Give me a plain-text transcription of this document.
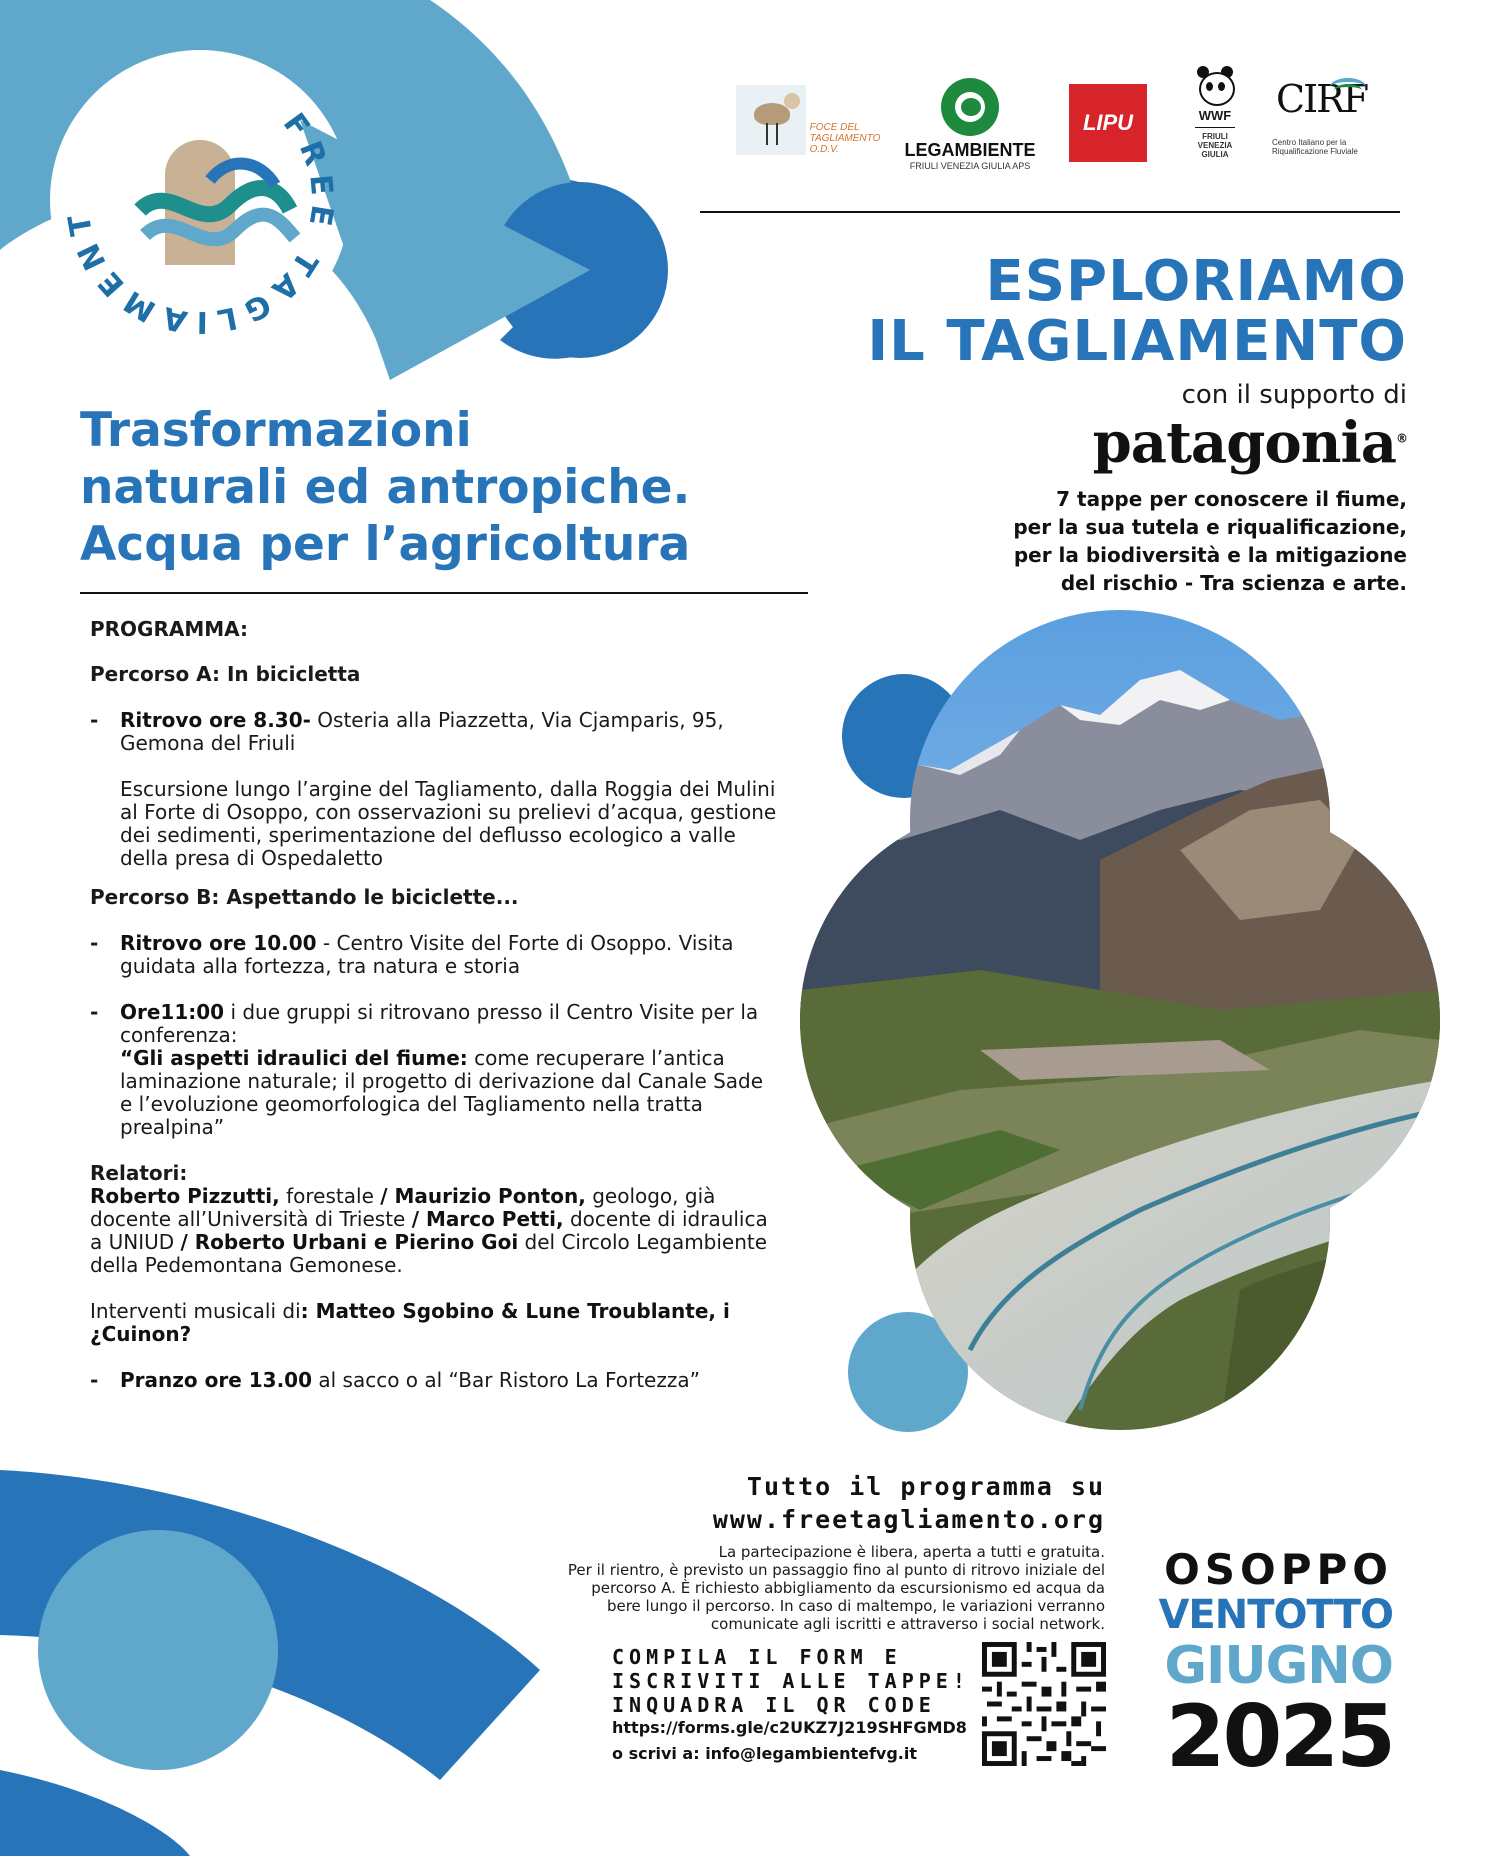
FREE TAGLIAMENT
FOCE DEL
TAGLIAMENTO
O.D.V.	LEGAMBIENTE
FRIULI VENEZIA GIULIA APS
LIPU	WWF
FRIULI
VENEZIA
GIULIA
CIRF
Centro Italiano per la
Riqualificazione Fluviale
ESPLORIAMO
IL TAGLIAMENTO
con il supporto di
patagonia®
7 tappe per conoscere il fiume,
per la sua tutela e riqualificazione,
per la biodiversità e la mitigazione
del rischio - Tra scienza e arte.
Trasformazioni
naturali ed antropiche.
Acqua per l’agricoltura

PROGRAMMA:

Percorso A: In bicicletta

- Ritrovo ore 8.30- Osteria alla Piazzetta, Via Cjamparis, 95, Gemona del Friuli

Escursione lungo l’argine del Tagliamento, dalla Roggia dei Mulini al Forte di Osoppo, con osservazioni su prelievi d’acqua, gestione dei sedimenti, sperimentazione del deflusso ecologico a valle della presa di Ospedaletto

Percorso B: Aspettando le biciclette...

- Ritrovo ore 10.00 - Centro Visite del Forte di Osoppo. Visita guidata alla fortezza, tra natura e storia

- Ore11:00 i due gruppi si ritrovano presso il Centro Visite per la conferenza:
“Gli aspetti idraulici del fiume: come recuperare l’antica laminazione naturale; il progetto di derivazione dal Canale Sade e l’evoluzione geomorfologica del Tagliamento nella tratta prealpina”

Relatori:

Roberto Pizzutti, forestale / Maurizio Ponton, geologo, già docente all’Università di Trieste / Marco Petti, docente di idraulica a UNIUD / Roberto Urbani e Pierino Goi del Circolo Legambiente della Pedemontana Gemonese.

Interventi musicali di: Matteo Sgobino & Lune Troublante, i ¿Cuinon?

- Pranzo ore 13.00 al sacco o al “Bar Ristoro La Fortezza”

Tutto il programma su
www.freetagliamento.org
La partecipazione è libera, aperta a tutti e gratuita.
Per il rientro, è previsto un passaggio fino al punto di ritrovo iniziale del
percorso A. È richiesto abbigliamento da escursionismo ed acqua da
bere lungo il percorso. In caso di maltempo, le variazioni verranno
comunicate agli iscritti e attraverso i social network.
COMPILA IL FORM E
ISCRIVITI ALLE TAPPE!
INQUADRA IL QR CODE
https://forms.gle/c2UKZ7J219SHFGMD8
o scrivi a: info@legambientefvg.it
OSOPPO
VENTOTTO
GIUGNO
2025
